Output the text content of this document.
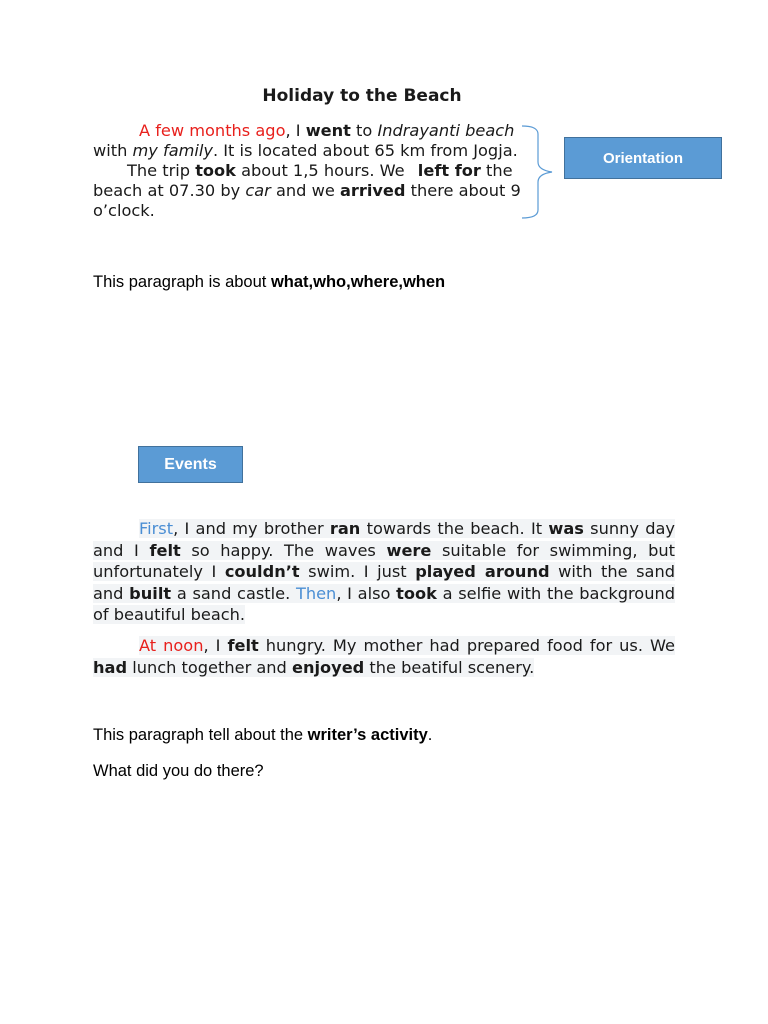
Holiday to the Beach
A few months ago, I went to Indrayanti beach with my family. It is located about 65 km from Jogja.The trip took about 1,5 hours. We left for the beach at 07.30 by car and we arrived there about 9 o’clock.
Orientation
This paragraph is about what,who,where,when
Events
First, I and my brother ran towards the beach. It was sunny day and I felt so happy. The waves were suitable for swimming, but unfortunately I couldn’t swim. I just played around with the sand and built a sand castle. Then, I also took a selfie with the background of beautiful beach.
At noon, I felt hungry. My mother had prepared food for us. We had lunch together and enjoyed the beatiful scenery.
This paragraph tell about the writer’s activity.
What did you do there?
